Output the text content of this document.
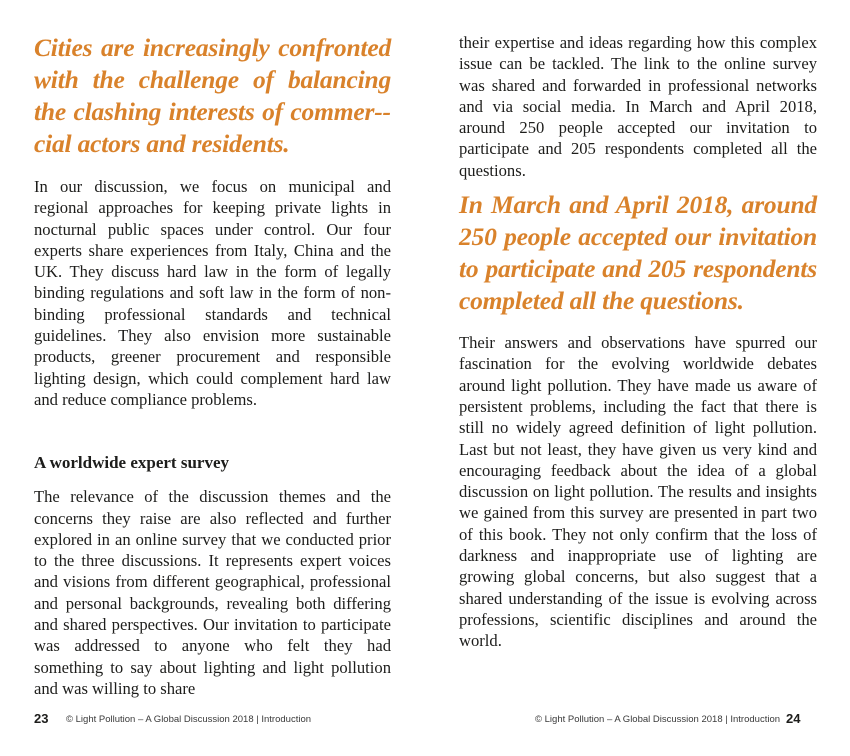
Cities are increasingly confronted with the challenge of balancing the clashing interests of commer-cial actors and residents.

In our discussion, we focus on municipal and regional approaches for keeping private lights in nocturnal public spaces under control. Our four experts share experiences from Italy, China and the UK. They discuss hard law in the form of legally binding regulations and soft law in the form of non-binding professional standards and technical guidelines. They also envision more sustainable products, greener procurement and responsible lighting design, which could complement hard law and reduce compliance problems.

A worldwide expert survey

The relevance of the discussion themes and the concerns they raise are also reflected and further explored in an online survey that we conducted prior to the three discussions. It represents expert voices and visions from different geographical, professional and personal backgrounds, revealing both differing and shared perspectives. Our invitation to participate was addressed to anyone who felt they had something to say about lighting and light pollution and was willing to share

23 © Light Pollution – A Global Discussion 2018 | Introduction

their expertise and ideas regarding how this complex issue can be tackled. The link to the online survey was shared and forwarded in professional networks and via social media. In March and April 2018, around 250 people accepted our invitation to participate and 205 respondents completed all the questions.

In March and April 2018, around 250 people accepted our invitation to participate and 205 respondents completed all the questions.

Their answers and observations have spurred our fascination for the evolving worldwide debates around light pollution. They have made us aware of persistent problems, including the fact that there is still no widely agreed definition of light pollution. Last but not least, they have given us very kind and encouraging feedback about the idea of a global discussion on light pollution. The results and insights we gained from this survey are presented in part two of this book. They not only confirm that the loss of darkness and inappropriate use of lighting are growing global concerns, but also suggest that a shared understanding of the issue is evolving across professions, scientific disciplines and around the world.

© Light Pollution – A Global Discussion 2018 | Introduction 24
